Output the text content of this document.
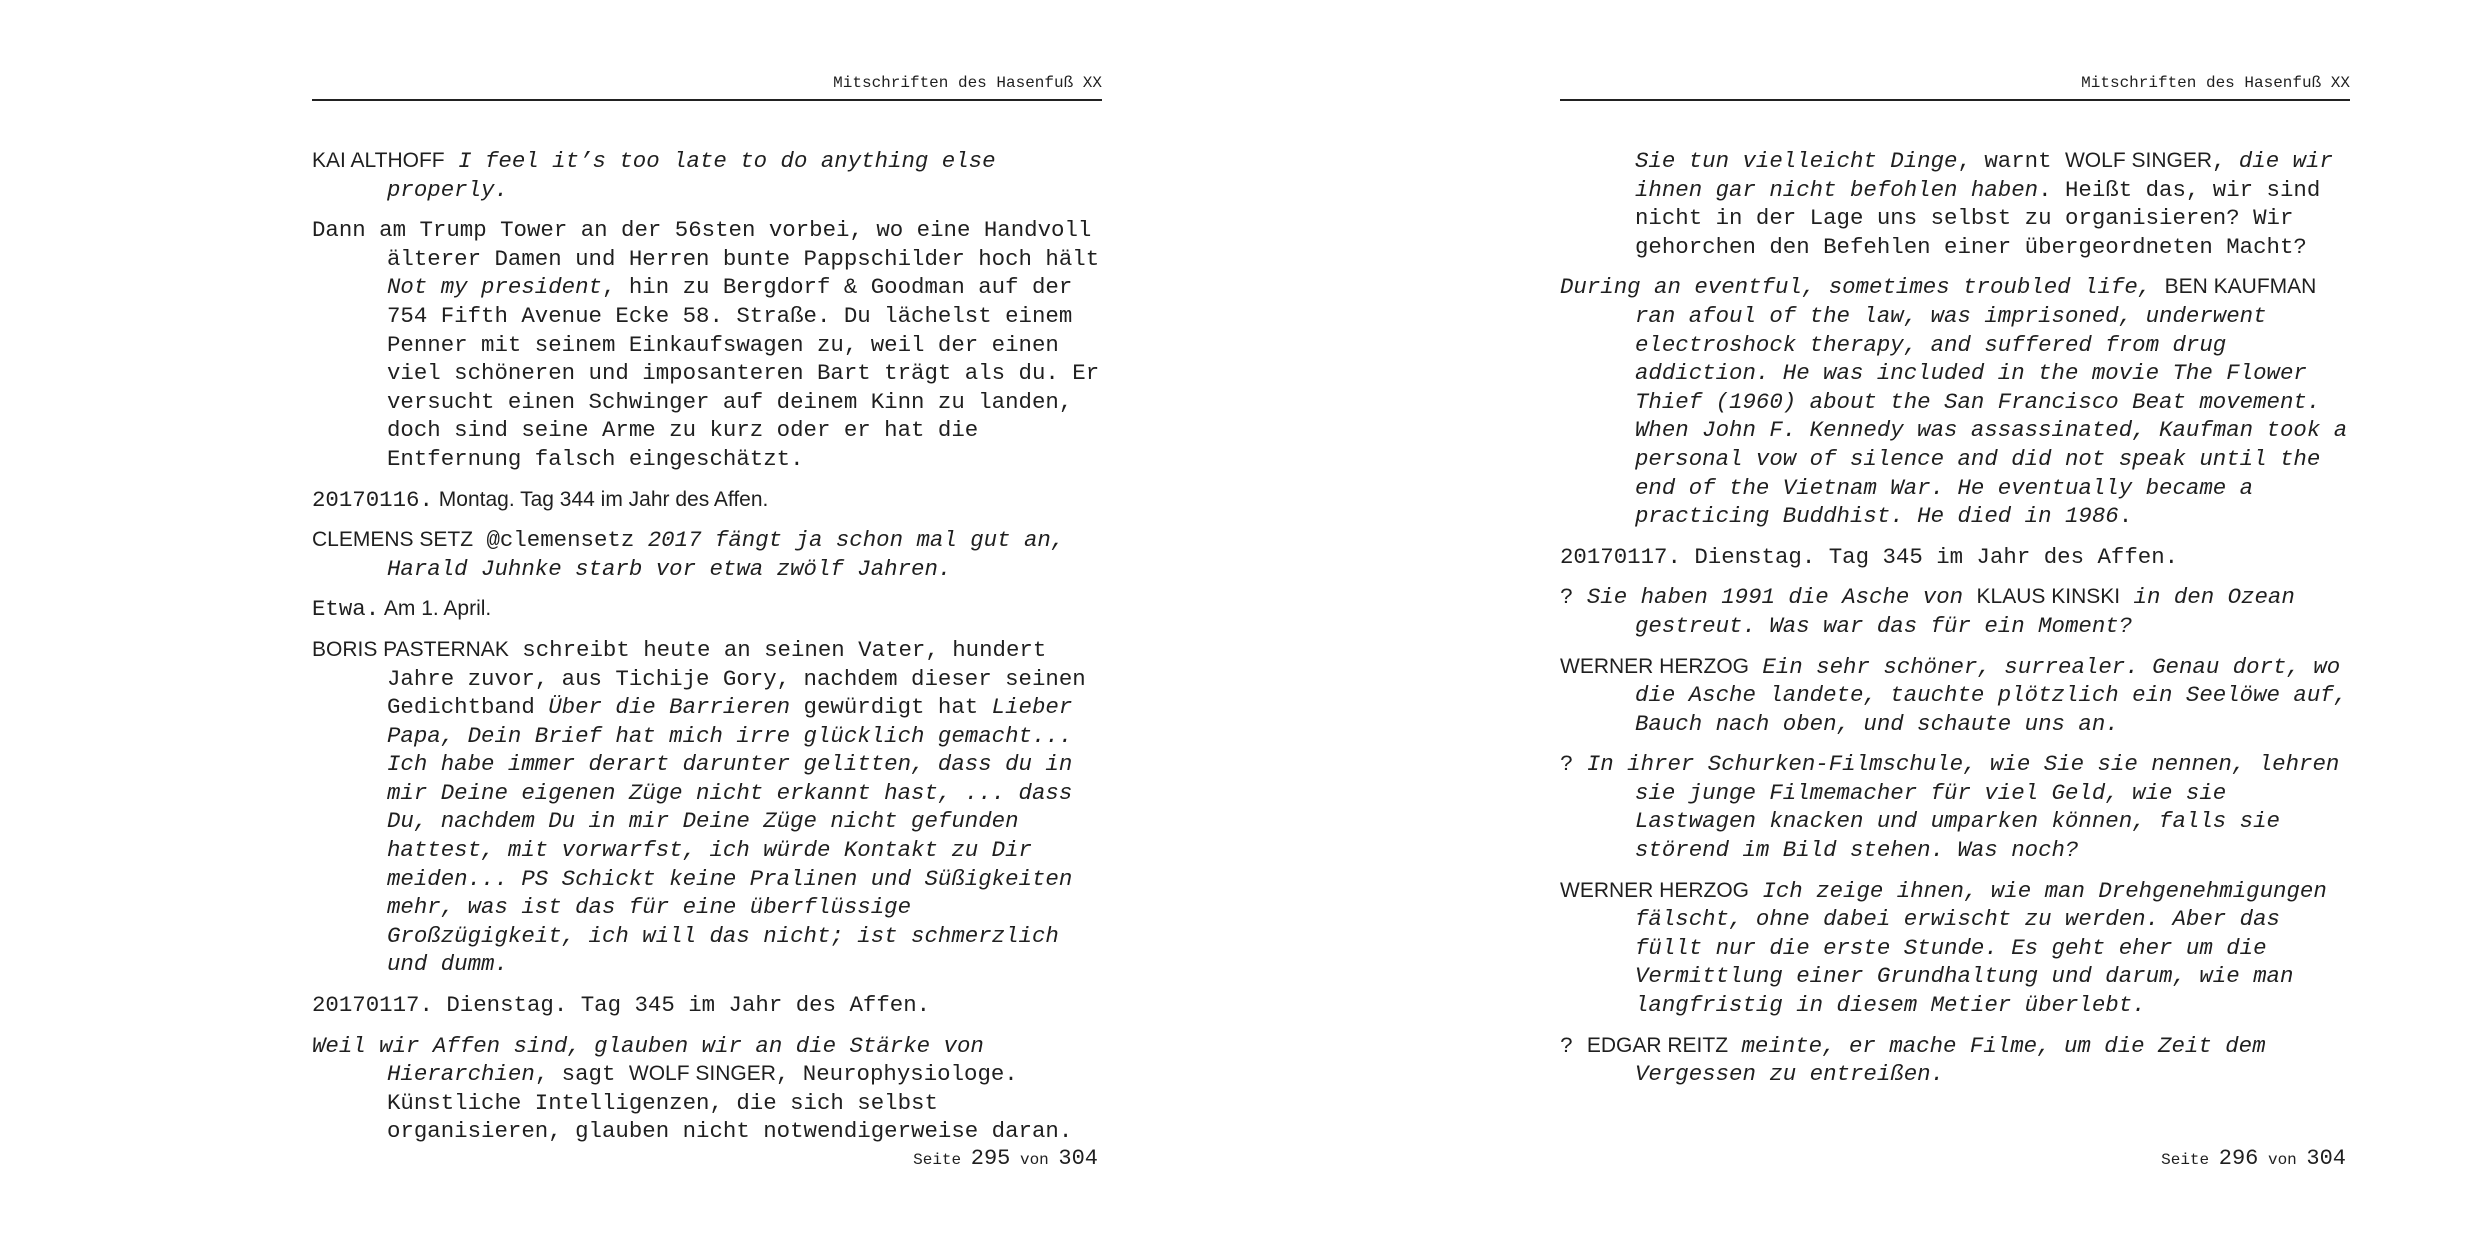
Mitschriften des Hasenfuß XX

KAI ALTHOFF I feel it’s too late to do anything else properly.

Dann am Trump Tower an der 56sten vorbei, wo eine Handvoll älterer Damen und Herren bunte Pappschilder hoch hält Not my president, hin zu Bergdorf & Goodman auf der 754 Fifth Avenue Ecke 58. Straße. Du lächelst einem Penner mit seinem Einkaufswagen zu, weil der einen viel schöneren und imposanteren Bart trägt als du. Er versucht einen Schwinger auf deinem Kinn zu landen, doch sind seine Arme zu kurz oder er hat die Entfernung falsch eingeschätzt.

20170116. Montag. Tag 344 im Jahr des Affen.

CLEMENS SETZ @clemensetz 2017 fängt ja schon mal gut an, Harald Juhnke starb vor etwa zwölf Jahren.

Etwa. Am 1. April.

BORIS PASTERNAK schreibt heute an seinen Vater, hundert Jahre zuvor, aus Tichije Gory, nachdem dieser seinen Gedichtband Über die Barrieren gewürdigt hat Lieber Papa, Dein Brief hat mich irre glücklich gemacht... Ich habe immer derart darunter gelitten, dass du in mir Deine eigenen Züge nicht erkannt hast, ... dass Du, nachdem Du in mir Deine Züge nicht gefunden hattest, mit vorwarfst, ich würde Kontakt zu Dir meiden... PS Schickt keine Pralinen und Süßigkeiten mehr, was ist das für eine überflüssige Großzügigkeit, ich will das nicht; ist schmerzlich und dumm.

20170117. Dienstag. Tag 345 im Jahr des Affen.

Weil wir Affen sind, glauben wir an die Stärke von Hierarchien, sagt WOLF SINGER, Neurophysiologe. Künstliche Intelligenzen, die sich selbst organisieren, glauben nicht notwendigerweise daran.

Seite 295 von 304
Mitschriften des Hasenfuß XX

Sie tun vielleicht Dinge, warnt WOLF SINGER, die wir ihnen gar nicht befohlen haben. Heißt das, wir sind nicht in der Lage uns selbst zu organisieren? Wir gehorchen den Befehlen einer übergeordneten Macht?

During an eventful, sometimes troubled life, BEN KAUFMAN ran afoul of the law, was imprisoned, underwent electroshock therapy, and suffered from drug addiction. He was included in the movie The Flower Thief (1960) about the San Francisco Beat movement. When John F. Kennedy was assassinated, Kaufman took a personal vow of silence and did not speak until the end of the Vietnam War. He eventually became a practicing Buddhist. He died in 1986.

20170117. Dienstag. Tag 345 im Jahr des Affen.

? Sie haben 1991 die Asche von KLAUS KINSKI in den Ozean gestreut. Was war das für ein Moment?

WERNER HERZOG Ein sehr schöner, surrealer. Genau dort, wo die Asche landete, tauchte plötzlich ein Seelöwe auf, Bauch nach oben, und schaute uns an.

? In ihrer Schurken-Filmschule, wie Sie sie nennen, lehren sie junge Filmemacher für viel Geld, wie sie Lastwagen knacken und umparken können, falls sie störend im Bild stehen. Was noch?

WERNER HERZOG Ich zeige ihnen, wie man Drehgenehmigungen fälscht, ohne dabei erwischt zu werden. Aber das füllt nur die erste Stunde. Es geht eher um die Vermittlung einer Grundhaltung und darum, wie man langfristig in diesem Metier überlebt.

? EDGAR REITZ meinte, er mache Filme, um die Zeit dem Vergessen zu entreißen.

Seite 296 von 304
